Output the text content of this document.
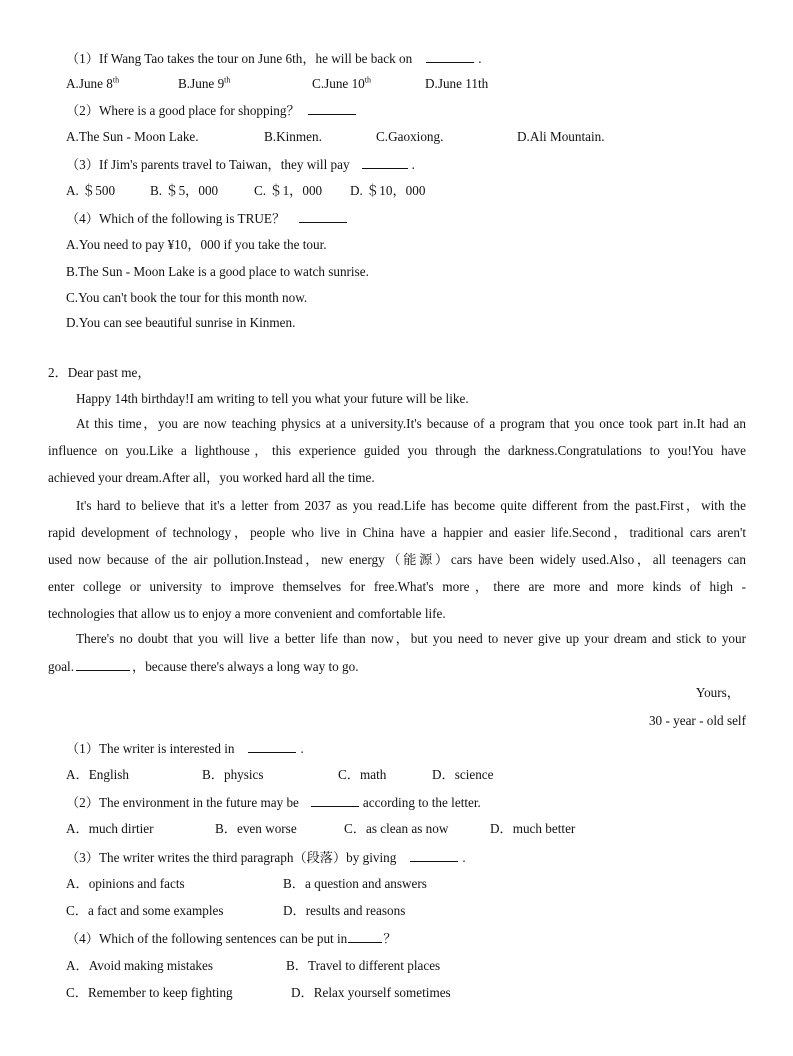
（1）If Wang Tao takes the tour on June 6th，he will be back on	.
A.June 8th	B.June 9th	C.June 10th	D.June 11th
（2）Where is a good place for shopping？
A.The Sun - Moon Lake.	B.Kinmen.	C.Gaoxiong.	D.Ali Mountain.
（3）If Jim's parents travel to Taiwan，they will pay	.
A. ＄500	B. ＄5，000	C. ＄1，000 D. ＄10，000
（4）Which of the following is TRUE？
A.You need to pay ¥10，000 if you take the tour.
B.The Sun - Moon Lake is a good place to watch sunrise.
C.You can't book the tour for this month now.
D.You can see beautiful sunrise in Kinmen.
2．Dear past me，
Happy 14th birthday!I am writing to tell you what your future will be like.
At this time，you are now teaching physics at a university.It's because of a program that you once took part in.It had an
influence on you.Like a lighthouse，this experience guided you through the darkness.Congratulations to you!You have
achieved your dream.After all，you worked hard all the time.
It's hard to believe that it's a letter from 2037 as you read.Life has become quite different from the past.First，with the
rapid development of technology，people who live in China have a happier and easier life.Second，traditional cars aren't
used now because of the air pollution.Instead，new energy（能源）cars have been widely used.Also，all teenagers can
enter college or university to improve themselves for free.What's more，there are more and more kinds of high -
technologies that allow us to enjoy a more convenient and comfortable life.
There's no doubt that you will live a better life than now，but you need to never give up your dream and stick to your
goal.	，because there's always a long way to go.
Yours，
30 - year - old self
（1）The writer is interested in	.
A．English	B．physics	C．math	D．science
（2）The environment in the future may be	according to the letter.
A．much dirtier	B．even worse	C．as clean as now	D．much better
（3）The writer writes the third paragraph（段落）by giving	.
A．opinions and facts	B．a question and answers
C．a fact and some examples	D．results and reasons
（4）Which of the following sentences can be put in	？
A．Avoid making mistakes	B．Travel to different places
C．Remember to keep fighting	D．Relax yourself sometimes
